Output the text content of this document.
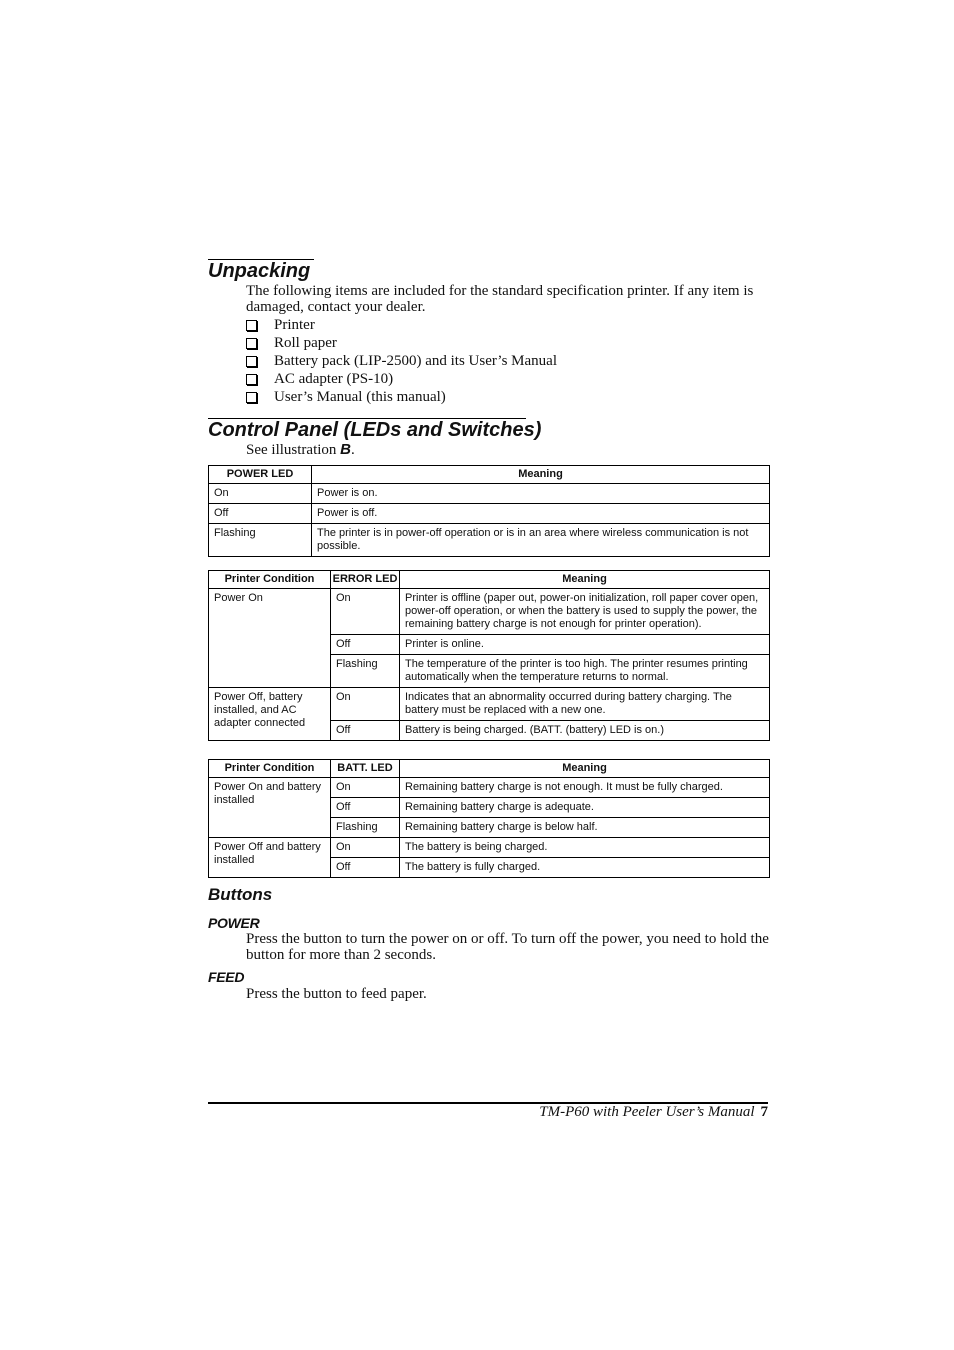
Unpacking

The following items are included for the standard specification printer. If any item is damaged, contact your dealer.

Printer
Roll paper
Battery pack (LIP-2500) and its User’s Manual
AC adapter (PS-10)
User’s Manual (this manual)
Control Panel (LEDs and Switches)

See illustration B.

POWER LED	Meaning
On	Power is on.
Off	Power is off.
Flashing	The printer is in power-off operation or is in an area where wireless communication is not possible.
Printer Condition	ERROR LED	Meaning
Power On	On	Printer is offline (paper out, power-on initialization, roll paper cover open, power-off operation, or when the battery is used to supply the power, the remaining battery charge is not enough for printer operation).
	Off	Printer is online.
	Flashing	The temperature of the printer is too high. The printer resumes printing automatically when the temperature returns to normal.
Power Off, battery installed, and AC adapter connected	On	Indicates that an abnormality occurred during battery charging. The battery must be replaced with a new one.
	Off	Battery is being charged. (BATT. (battery) LED is on.)
Printer Condition	BATT. LED	Meaning
Power On and battery installed	On	Remaining battery charge is not enough. It must be fully charged.
	Off	Remaining battery charge is adequate.
	Flashing	Remaining battery charge is below half.
Power Off and battery installed	On	The battery is being charged.
	Off	The battery is fully charged.
Buttons
POWER

Press the button to turn the power on or off. To turn off the power, you need to hold the button for more than 2 seconds.

FEED

Press the button to feed paper.

TM-P60 with Peeler User’s Manual 7
